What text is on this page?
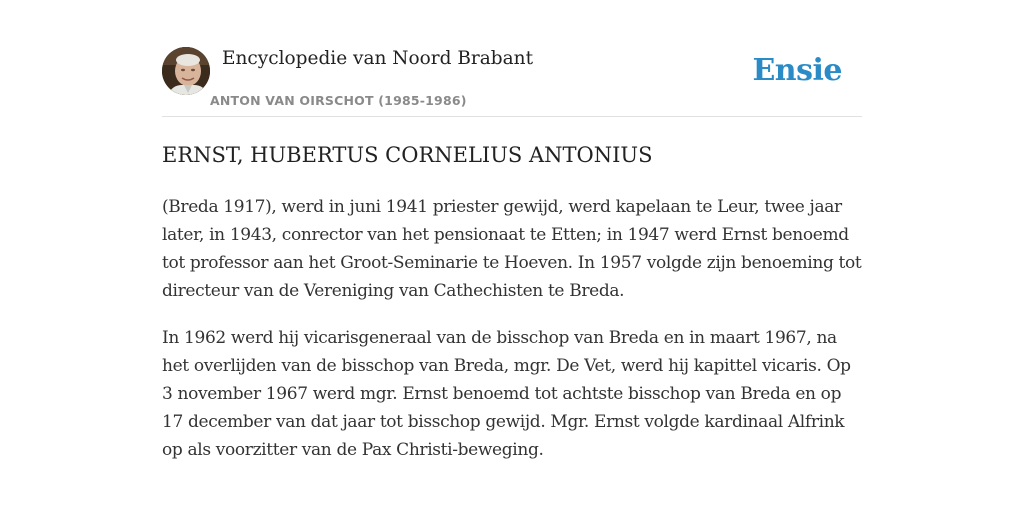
Encyclopedie van Noord Brabant
ANTON VAN OIRSCHOT (1985-1986)
Ensie
ERNST, HUBERTUS CORNELIUS ANTONIUS

(Breda 1917), werd in juni 1941 priester gewijd, werd kapelaan te Leur, twee jaar later, in 1943, conrector van het pensionaat te Etten; in 1947 werd Ernst benoemd tot professor aan het Groot-Seminarie te Hoeven. In 1957 volgde zijn benoeming tot directeur van de Vereniging van Cathechisten te Breda.

In 1962 werd hij vicarisgeneraal van de bisschop van Breda en in maart 1967, na het overlijden van de bisschop van Breda, mgr. De Vet, werd hij kapittel vicaris. Op 3 november 1967 werd mgr. Ernst benoemd tot achtste bisschop van Breda en op 17 december van dat jaar tot bisschop gewijd. Mgr. Ernst volgde kardinaal Alfrink op als voorzitter van de Pax Christi-beweging.
